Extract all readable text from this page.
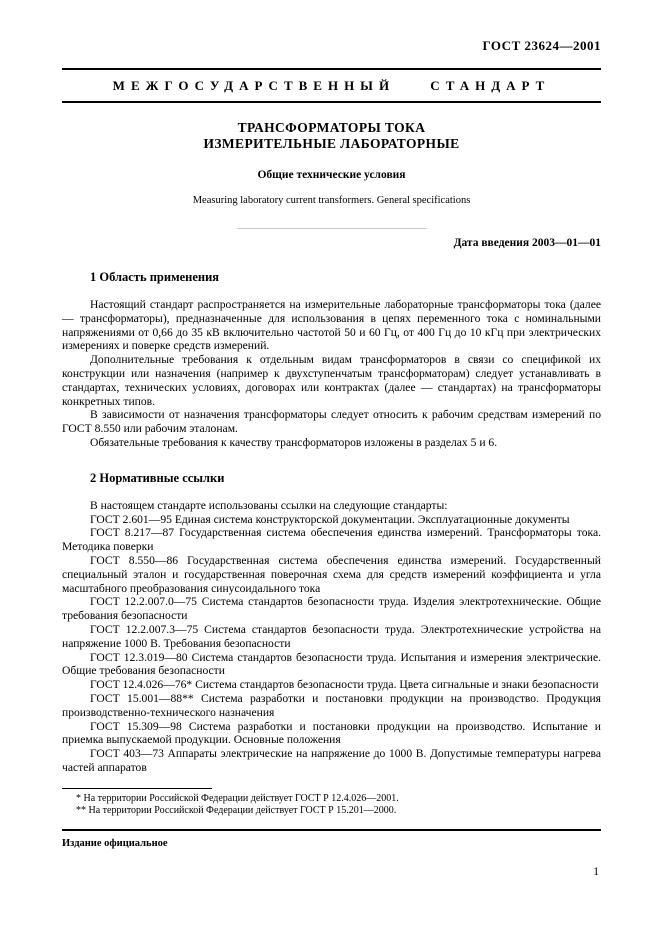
ГОСТ 23624—2001
МЕЖГОСУДАРСТВЕННЫЙ СТАНДАРТ
ТРАНСФОРМАТОРЫ ТОКА
ИЗМЕРИТЕЛЬНЫЕ ЛАБОРАТОРНЫЕ
Общие технические условия
Measuring laboratory current transformers. General specifications
Дата введения 2003—01—01
1 Область применения

Настоящий стандарт распространяется на измерительные лабораторные трансформаторы тока (далее — трансформаторы), предназначенные для использования в цепях переменного тока с номинальными напряжениями от 0,66 до 35 кВ включительно частотой 50 и 60 Гц, от 400 Гц до 10 кГц при электрических измерениях и поверке средств измерений.

Дополнительные требования к отдельным видам трансформаторов в связи со спецификой их конструкции или назначения (например к двухступенчатым трансформаторам) следует устанавливать в стандартах, технических условиях, договорах или контрактах (далее — стандартах) на трансформаторы конкретных типов.

В зависимости от назначения трансформаторы следует относить к рабочим средствам измерений по ГОСТ 8.550 или рабочим эталонам.

Обязательные требования к качеству трансформаторов изложены в разделах 5 и 6.

2 Нормативные ссылки

В настоящем стандарте использованы ссылки на следующие стандарты:

ГОСТ 2.601—95 Единая система конструкторской документации. Эксплуатационные документы

ГОСТ 8.217—87 Государственная система обеспечения единства измерений. Трансформаторы тока. Методика поверки

ГОСТ 8.550—86 Государственная система обеспечения единства измерений. Государственный специальный эталон и государственная поверочная схема для средств измерений коэффициента и угла масштабного преобразования синусоидального тока

ГОСТ 12.2.007.0—75 Система стандартов безопасности труда. Изделия электротехнические. Общие требования безопасности

ГОСТ 12.2.007.3—75 Система стандартов безопасности труда. Электротехнические устройства на напряжение 1000 В. Требования безопасности

ГОСТ 12.3.019—80 Система стандартов безопасности труда. Испытания и измерения электрические. Общие требования безопасности

ГОСТ 12.4.026—76* Система стандартов безопасности труда. Цвета сигнальные и знаки безопасности

ГОСТ 15.001—88** Система разработки и постановки продукции на производство. Продукция производственно-технического назначения

ГОСТ 15.309—98 Система разработки и постановки продукции на производство. Испытание и приемка выпускаемой продукции. Основные положения

ГОСТ 403—73 Аппараты электрические на напряжение до 1000 В. Допустимые температуры нагрева частей аппаратов

* На территории Российской Федерации действует ГОСТ Р 12.4.026—2001.
** На территории Российской Федерации действует ГОСТ Р 15.201—2000.
Издание официальное
1
